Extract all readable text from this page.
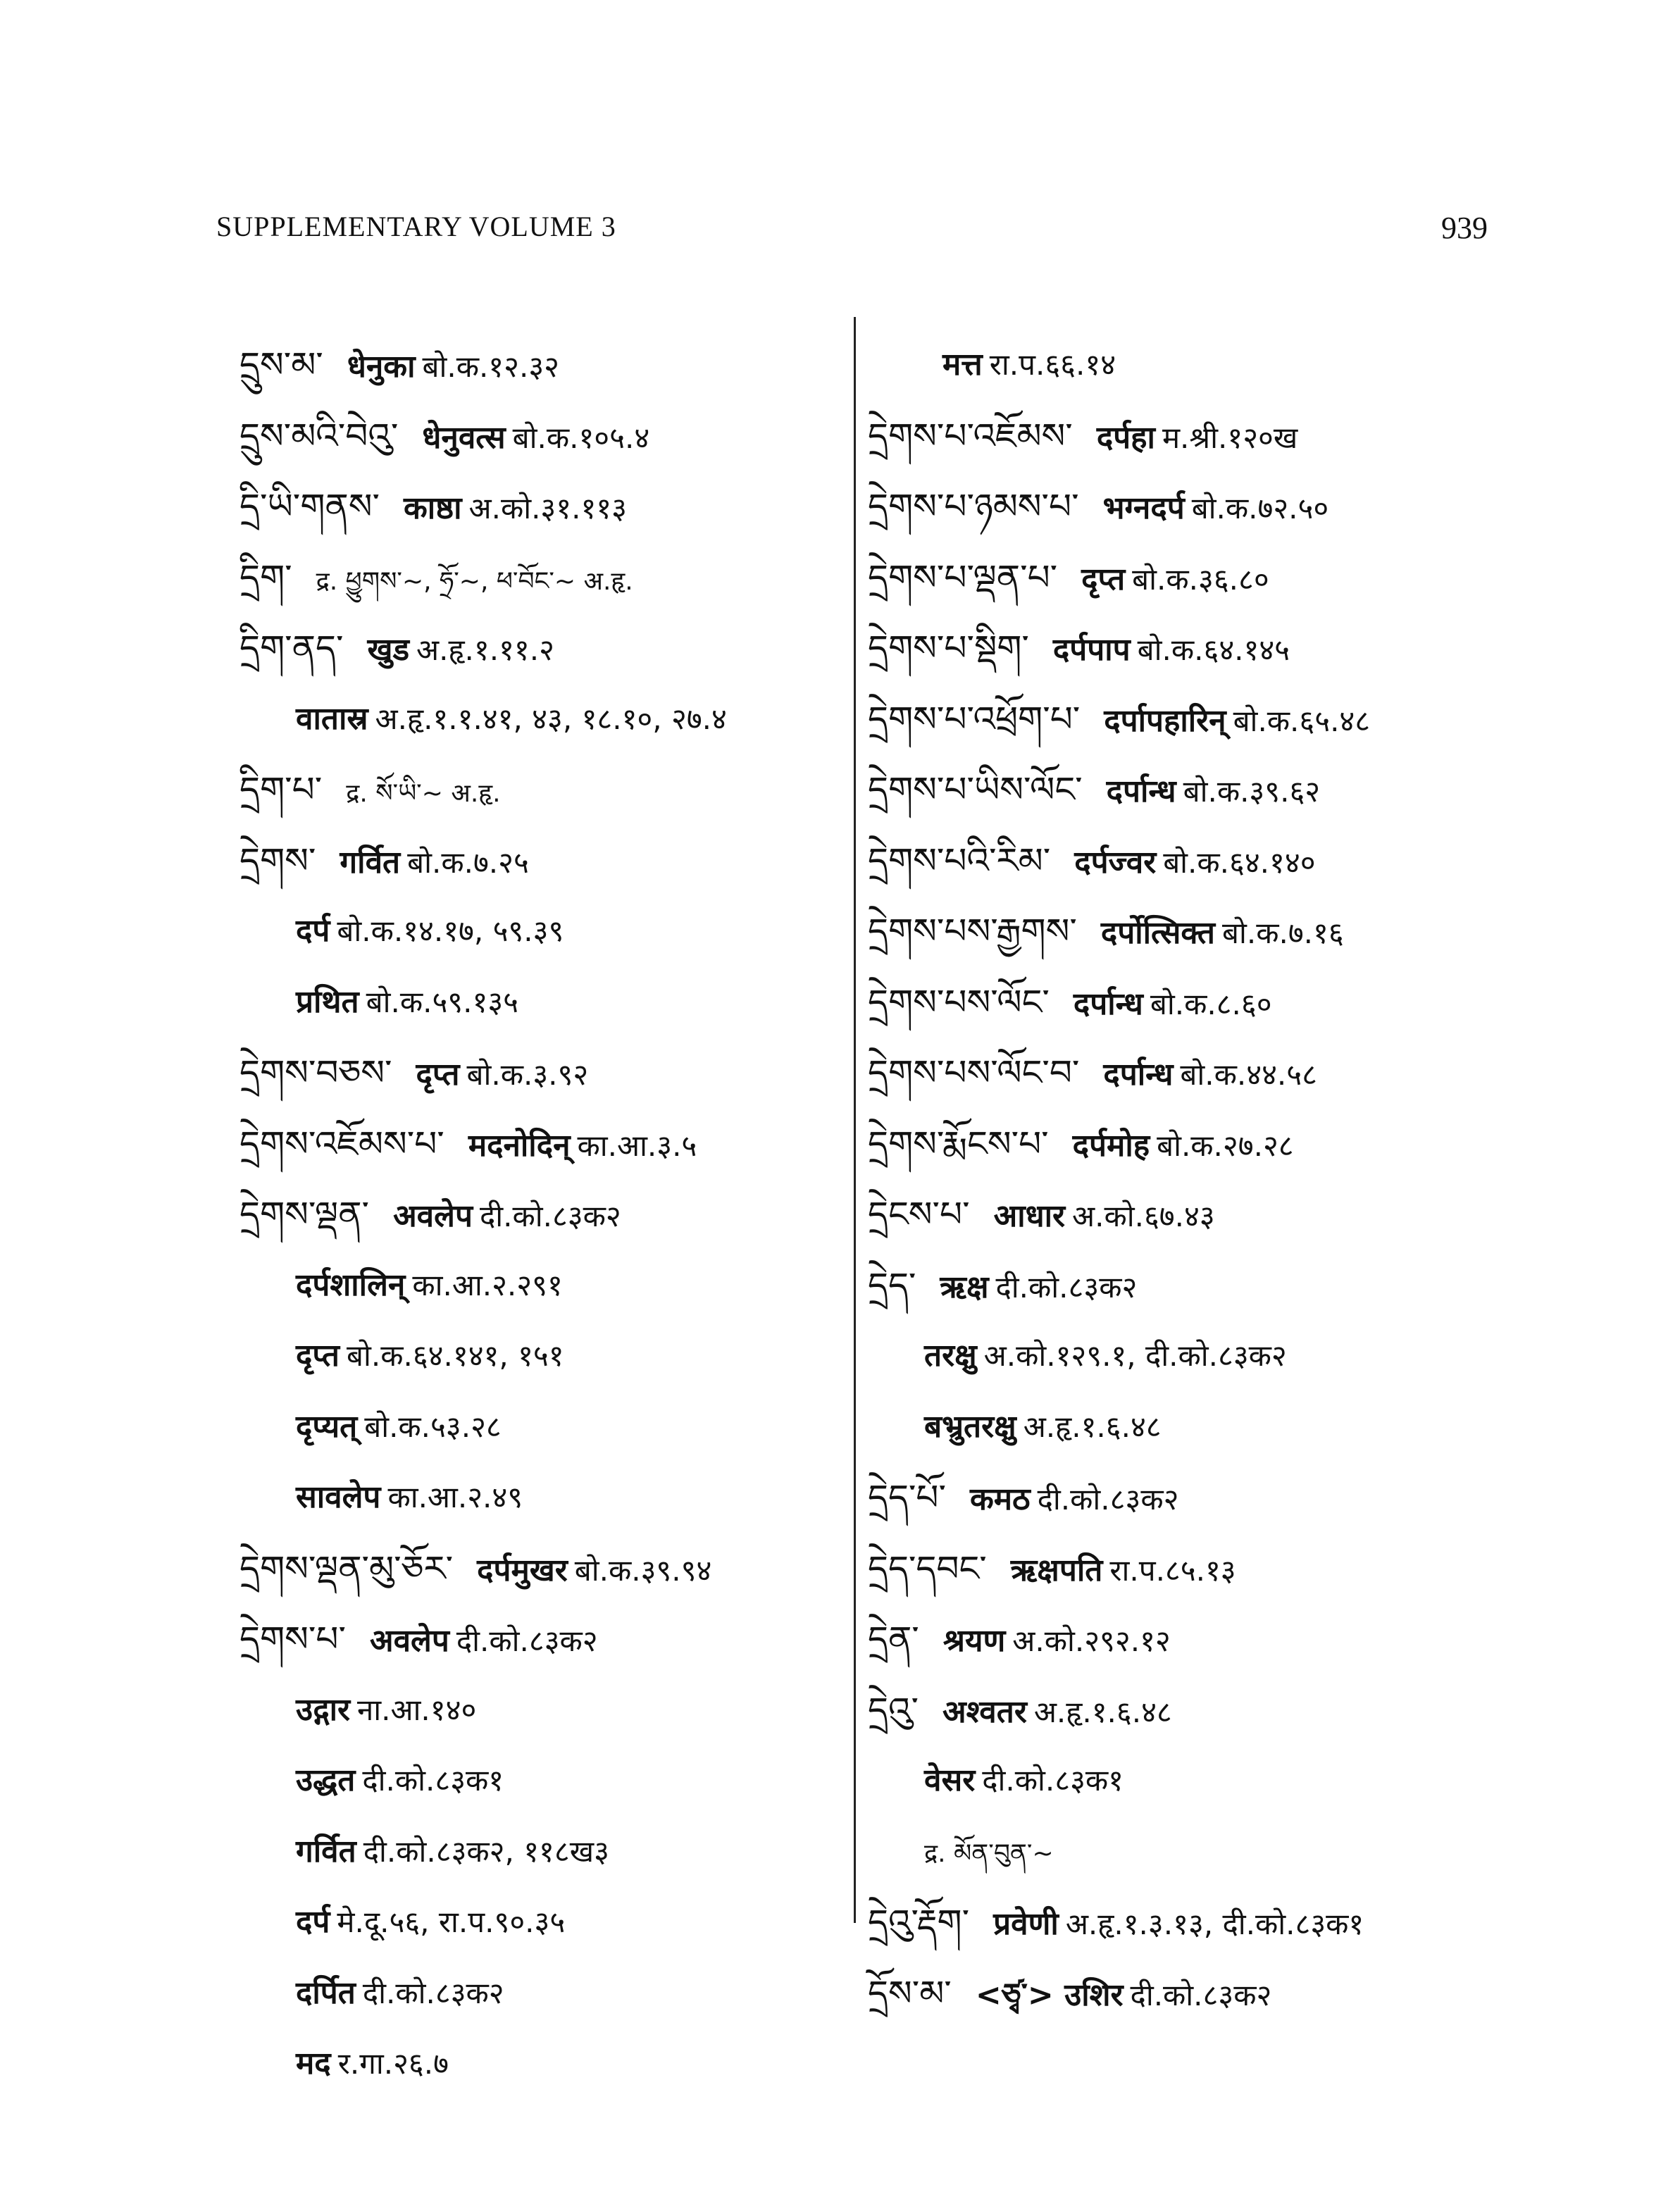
SUPPLEMENTARY VOLUME 3	939
དྲུས་མ་ धेनुका बो.क.१२.३२
དྲུས་མའི་བེའུ་ धेनुवत्स बो.क.१०५.४
དྲི་ཡི་གནས་ काष्ठा अ.को.३१.११३
དྲིག་ द्र. ཕྱུགས་~, ཧྲོ་~, ཕ་བོང་~ अ.हृ.
དྲིག་ནད་ खुड अ.हृ.१.११.२
वातास्र अ.हृ.१.१.४१, ४३, १८.१०, २७.४
དྲིག་པ་ द्र. སོ་ཡི་~ अ.हृ.
དྲེགས་ गर्वित बो.क.७.२५
दर्प बो.क.१४.१७, ५९.३९
प्रथित बो.क.५९.१३५
དྲེགས་བཅས་ दृप्त बो.क.३.९२
དྲེགས་འཇོམས་པ་ मदनोदिन् का.आ.३.५
དྲེགས་ལྡན་ अवलेप दी.को.८३क२
दर्पशालिन् का.आ.२.२९१
दृप्त बो.क.६४.१४१, १५१
दृप्यत् बो.क.५३.२८
सावलेप का.आ.२.४९
དྲེགས་ལྡན་མུ་ཅོར་ दर्पमुखर बो.क.३९.९४
དྲེགས་པ་ अवलेप दी.को.८३क२
उद्गार ना.आ.१४०
उद्धत दी.को.८३क१
गर्वित दी.को.८३क२, ११८ख३
दर्प मे.दू.५६, रा.प.९०.३५
दर्पित दी.को.८३क२
मद र.गा.२६.७
मत्त रा.प.६६.१४
དྲེགས་པ་འཇོམས་ दर्पहा म.श्री.१२०ख
དྲེགས་པ་ཉམས་པ་ भग्नदर्प बो.क.७२.५०
དྲེགས་པ་ལྡན་པ་ दृप्त बो.क.३६.८०
དྲེགས་པ་སྡིག་ दर्पपाप बो.क.६४.१४५
དྲེགས་པ་འཕྲོག་པ་ दर्पापहारिन् बो.क.६५.४८
དྲེགས་པ་ཡིས་ལོང་ दर्पान्ध बो.क.३९.६२
དྲེགས་པའི་རིམ་ दर्पज्वर बो.क.६४.१४०
དྲེགས་པས་རྒྱགས་ दर्पोत्सिक्त बो.क.७.१६
དྲེགས་པས་ལོང་ दर्पान्ध बो.क.८.६०
དྲེགས་པས་ལོང་བ་ दर्पान्ध बो.क.४४.५८
དྲེགས་རྨོངས་པ་ दर्पमोह बो.क.२७.२८
དྲེངས་པ་ आधार अ.को.६७.४३
དྲེད་ ऋक्ष दी.को.८३क२
तरक्षु अ.को.१२९.१, दी.को.८३क२
बभ्रुतरक्षु अ.हृ.१.६.४८
དྲེད་པོ་ कमठ दी.को.८३क२
དྲེད་དབང་ ऋक्षपति रा.प.८५.१३
དྲེན་ श्रयण अ.को.२९२.१२
དྲེའུ་ अश्वतर अ.हृ.१.६.४८
वेसर दी.को.८३क१
द्र. མོན་བུན་~
དྲེའུ་རྡོག་ प्रवेणी अ.हृ.१.३.१३, दी.को.८३क१
དྲོས་མ་ <ཙྭ་> उशिर दी.को.८३क२
